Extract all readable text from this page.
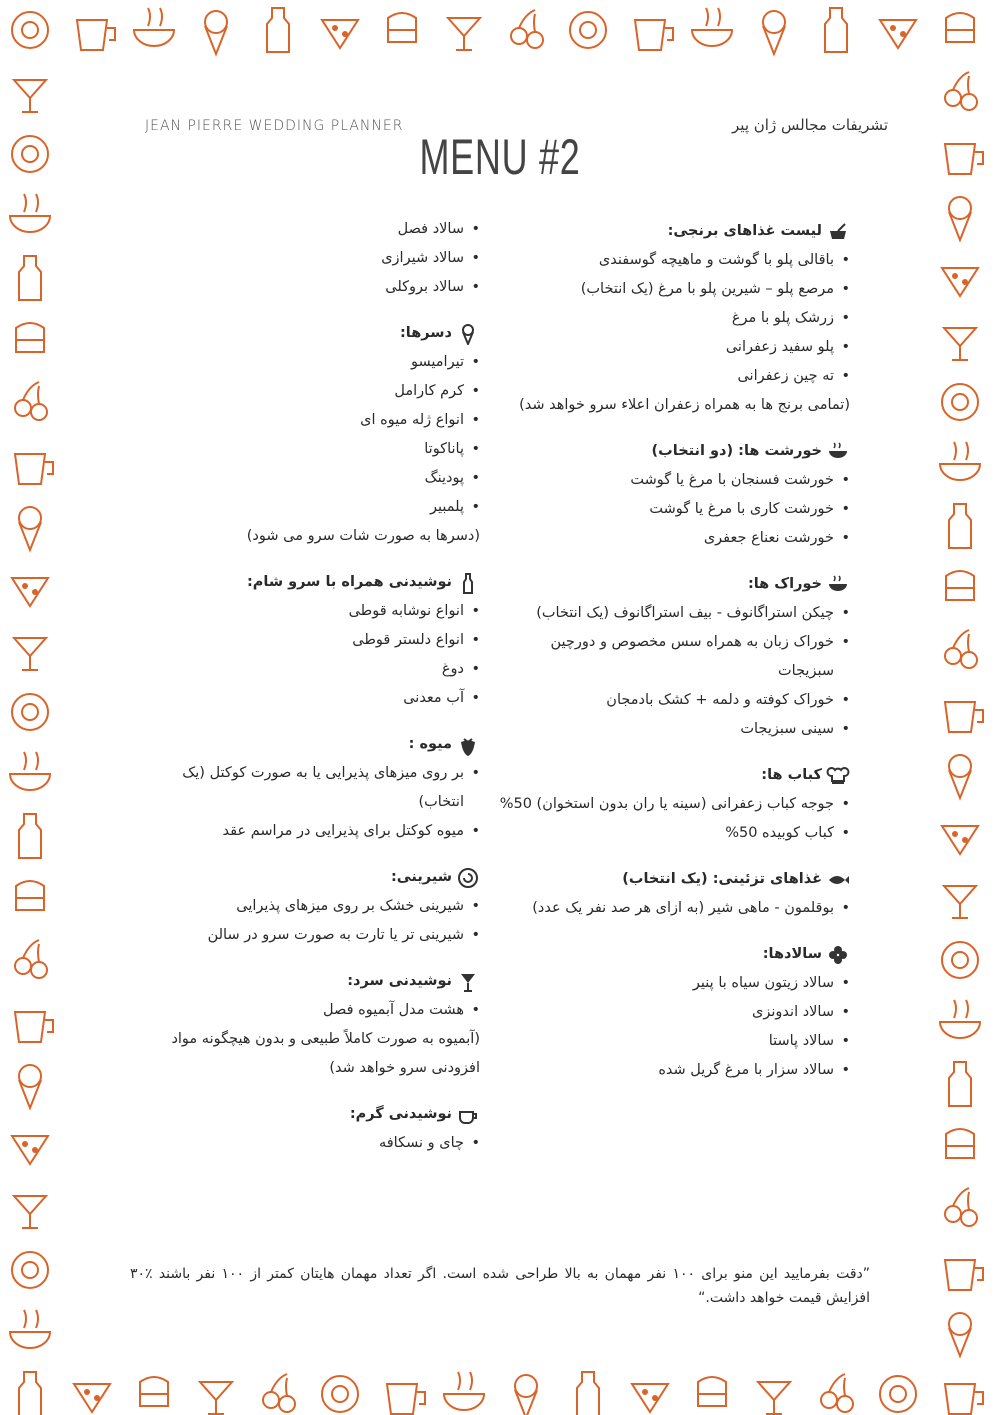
JEAN PIERRE WEDDING PLANNER	تشریفات مجالس ژان پیر
MENU #2
لیست غذاهای برنجی:
• باقالی پلو با گوشت و ماهیچه گوسفندی
• مرصع پلو – شیرین پلو با مرغ (یک انتخاب)
• زرشک پلو با مرغ
• پلو سفید زعفرانی
• ته چین زعفرانی
(تمامی برنج ها به همراه زعفران اعلاء سرو خواهد شد)
خورشت ها: (دو انتخاب)
• خورشت فسنجان با مرغ یا گوشت
• خورشت کاری با مرغ یا گوشت
• خورشت نعناع جعفری
خوراک ها:
• چیکن استراگانوف - بیف استراگانوف (یک انتخاب)
• خوراک زبان به همراه سس مخصوص و دورچین سبزیجات
• خوراک کوفته و دلمه + کشک بادمجان
• سینی سبزیجات
کباب ها:
• جوجه کباب زعفرانی (سینه یا ران بدون استخوان) 50%
• کباب کوبیده 50%
غذاهای تزئینی: (یک انتخاب)
• بوقلمون - ماهی شیر (به ازای هر صد نفر یک عدد)
سالادها:
• سالاد زیتون سیاه با پنیر
• سالاد اندونزی
• سالاد پاستا
• سالاد سزار با مرغ گریل شده
• سالاد فصل
• سالاد شیرازی
• سالاد بروکلی
دسرها:
• تیرامیسو
• کرم کارامل
• انواع ژله میوه ای
• پاناکوتا
• پودینگ
• پلمبیر
(دسرها به صورت شات سرو می شود)
نوشیدنی همراه با سرو شام:
• انواع نوشابه قوطی
• انواع دلستر قوطی
• دوغ
• آب معدنی
میوه :
• بر روی میزهای پذیرایی یا به صورت کوکتل (یک انتخاب)
• میوه کوکتل برای پذیرایی در مراسم عقد
شیرینی:
• شیرینی خشک بر روی میزهای پذیرایی
• شیرینی تر یا تارت به صورت سرو در سالن
نوشیدنی سرد:
• هشت مدل آبمیوه فصل
(آبمیوه به صورت کاملاً طبیعی و بدون هیچگونه مواد افزودنی سرو خواهد شد)
نوشیدنی گرم:
• چای و نسکافه
”دقت بفرمایید این منو برای ۱۰۰ نفر مهمان به بالا طراحی شده است. اگر تعداد مهمان هایتان کمتر از ۱۰۰ نفر باشند ٪۳۰ افزایش قیمت خواهد داشت.“
